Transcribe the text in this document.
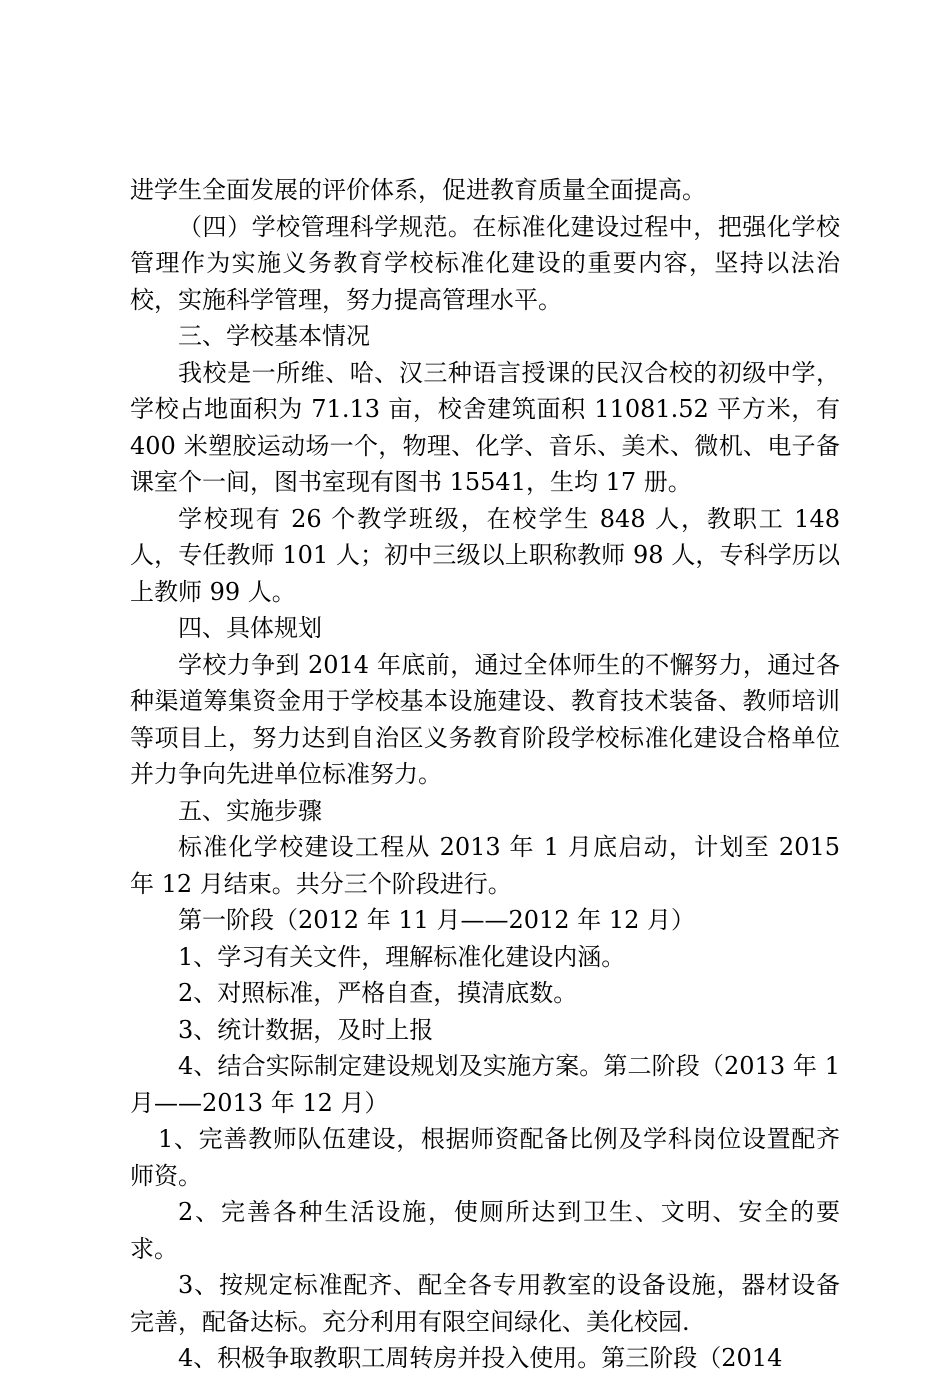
进学生全面发展的评价体系，促进教育质量全面提高。

（四）学校管理科学规范。在标准化建设过程中，把强化学校管理作为实施义务教育学校标准化建设的重要内容，坚持以法治校，实施科学管理，努力提高管理水平。

三、学校基本情况

我校是一所维、哈、汉三种语言授课的民汉合校的初级中学，学校占地面积为 71.13 亩，校舍建筑面积 11081.52 平方米，有 400 米塑胶运动场一个，物理、化学、音乐、美术、微机、电子备课室个一间，图书室现有图书 15541，生均 17 册。

学校现有 26 个教学班级，在校学生 848 人，教职工 148 人，专任教师 101 人；初中三级以上职称教师 98 人，专科学历以上教师 99 人。

四、具体规划

学校力争到 2014 年底前，通过全体师生的不懈努力，通过各种渠道筹集资金用于学校基本设施建设、教育技术装备、教师培训等项目上，努力达到自治区义务教育阶段学校标准化建设合格单位并力争向先进单位标准努力。

五、实施步骤

标准化学校建设工程从 2013 年 1 月底启动，计划至 2015 年 12 月结束。共分三个阶段进行。

第一阶段（2012 年 11 月——2012 年 12 月）

1、学习有关文件，理解标准化建设内涵。

2、对照标准，严格自查，摸清底数。

3、统计数据，及时上报

4、结合实际制定建设规划及实施方案。第二阶段（2013 年 1 月——2013 年 12 月）

1、完善教师队伍建设，根据师资配备比例及学科岗位设置配齐师资。

2、完善各种生活设施，使厕所达到卫生、文明、安全的要求。

3、按规定标准配齐、配全各专用教室的设备设施，器材设备完善，配备达标。充分利用有限空间绿化、美化校园.

4、积极争取教职工周转房并投入使用。第三阶段（2014
